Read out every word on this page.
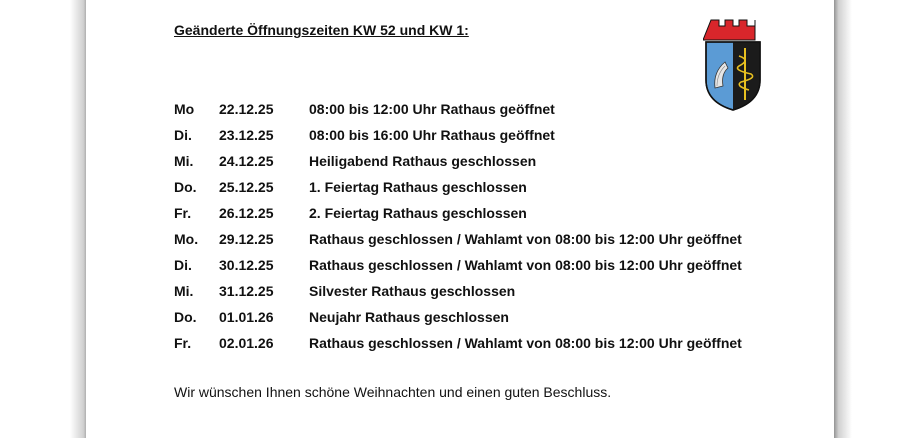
Geänderte Öffnungszeiten KW 52 und KW 1:
Mo	22.12.25	08:00 bis 12:00 Uhr Rathaus geöffnet
Di.	23.12.25	08:00 bis 16:00 Uhr Rathaus geöffnet
Mi.	24.12.25	Heiligabend Rathaus geschlossen
Do.	25.12.25	1. Feiertag Rathaus geschlossen
Fr.	26.12.25	2. Feiertag Rathaus geschlossen
Mo.	29.12.25	Rathaus geschlossen / Wahlamt von 08:00 bis 12:00 Uhr geöffnet
Di.	30.12.25	Rathaus geschlossen / Wahlamt von 08:00 bis 12:00 Uhr geöffnet
Mi.	31.12.25	Silvester Rathaus geschlossen
Do.	01.01.26	Neujahr Rathaus geschlossen
Fr.	02.01.26	Rathaus geschlossen / Wahlamt von 08:00 bis 12:00 Uhr geöffnet
Wir wünschen Ihnen schöne Weihnachten und einen guten Beschluss.
